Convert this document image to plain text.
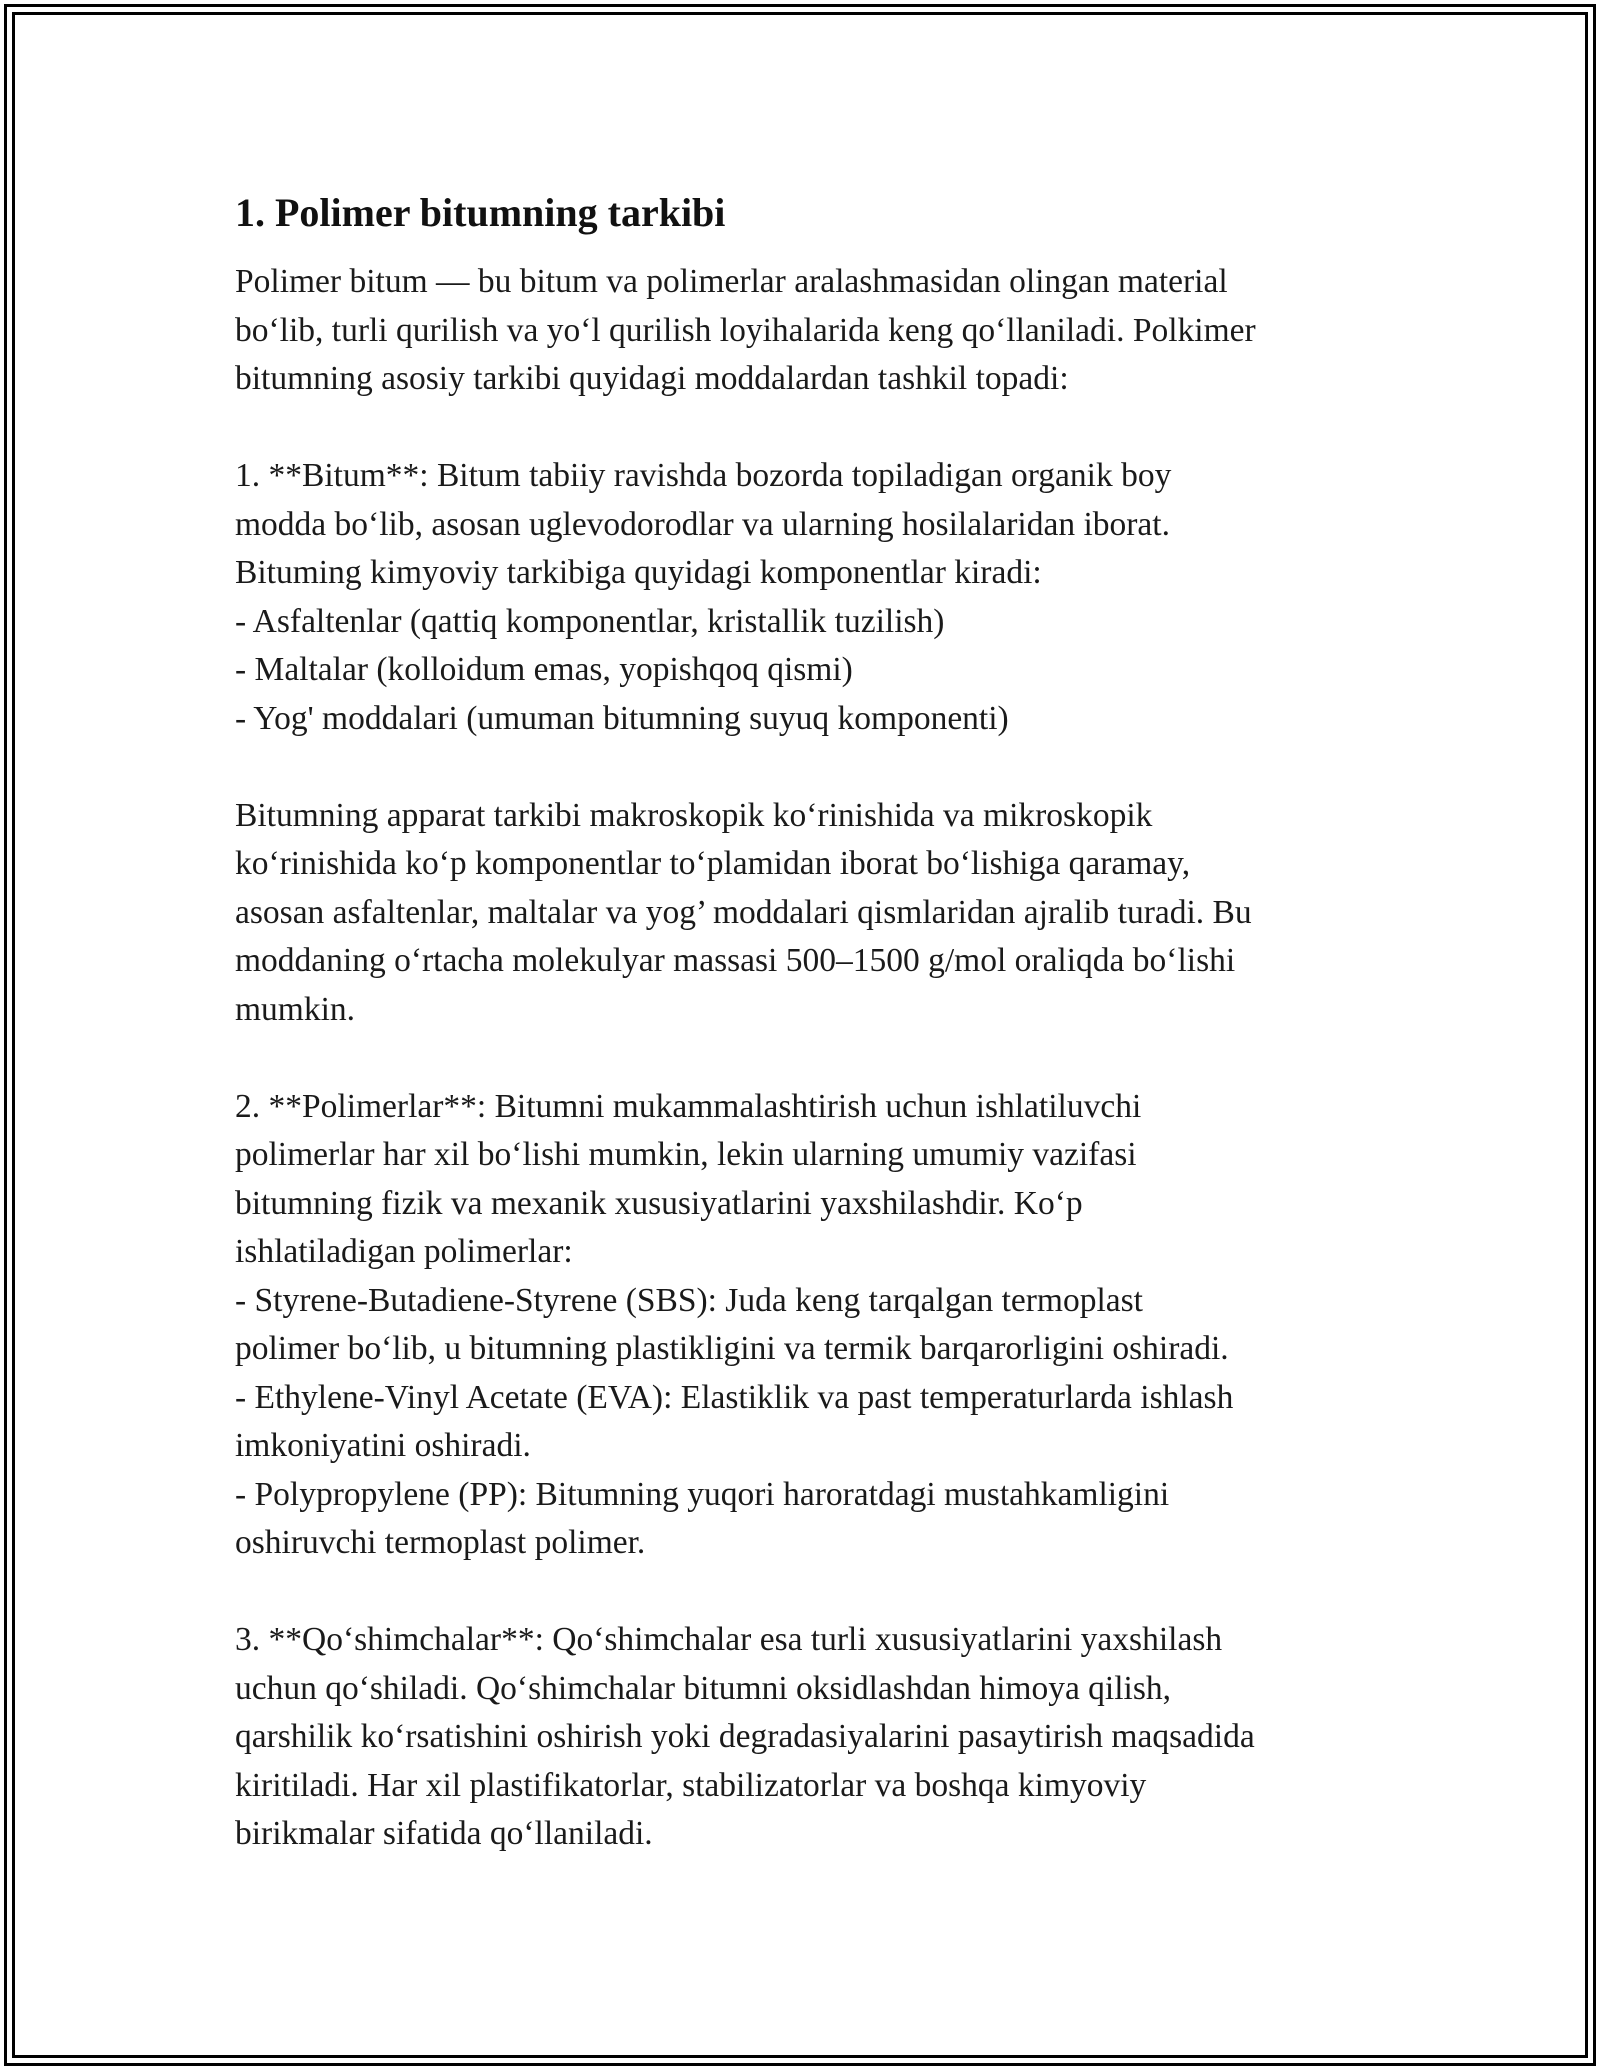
1. Polimer bitumning tarkibi

Polimer bitum — bu bitum va polimerlar aralashmasidan olingan material
bo‘lib, turli qurilish va yo‘l qurilish loyihalarida keng qo‘llaniladi. Polkimer
bitumning asosiy tarkibi quyidagi moddalardan tashkil topadi:

1. **Bitum**: Bitum tabiiy ravishda bozorda topiladigan organik boy
modda bo‘lib, asosan uglevodorodlar va ularning hosilalaridan iborat.
Bituming kimyoviy tarkibiga quyidagi komponentlar kiradi:
- Asfaltenlar (qattiq komponentlar, kristallik tuzilish)
- Maltalar (kolloidum emas, yopishqoq qismi)
- Yog' moddalari (umuman bitumning suyuq komponenti)

Bitumning apparat tarkibi makroskopik ko‘rinishida va mikroskopik
ko‘rinishida ko‘p komponentlar to‘plamidan iborat bo‘lishiga qaramay,
asosan asfaltenlar, maltalar va yog’ moddalari qismlaridan ajralib turadi. Bu
moddaning o‘rtacha molekulyar massasi 500–1500 g/mol oraliqda bo‘lishi
mumkin.

2. **Polimerlar**: Bitumni mukammalashtirish uchun ishlatiluvchi
polimerlar har xil bo‘lishi mumkin, lekin ularning umumiy vazifasi
bitumning fizik va mexanik xususiyatlarini yaxshilashdir. Ko‘p
ishlatiladigan polimerlar:
- Styrene-Butadiene-Styrene (SBS): Juda keng tarqalgan termoplast
polimer bo‘lib, u bitumning plastikligini va termik barqarorligini oshiradi.
- Ethylene-Vinyl Acetate (EVA): Elastiklik va past temperaturlarda ishlash
imkoniyatini oshiradi.
- Polypropylene (PP): Bitumning yuqori haroratdagi mustahkamligini
oshiruvchi termoplast polimer.

3. **Qo‘shimchalar**: Qo‘shimchalar esa turli xususiyatlarini yaxshilash
uchun qo‘shiladi. Qo‘shimchalar bitumni oksidlashdan himoya qilish,
qarshilik ko‘rsatishini oshirish yoki degradasiyalarini pasaytirish maqsadida
kiritiladi. Har xil plastifikatorlar, stabilizatorlar va boshqa kimyoviy
birikmalar sifatida qo‘llaniladi.
